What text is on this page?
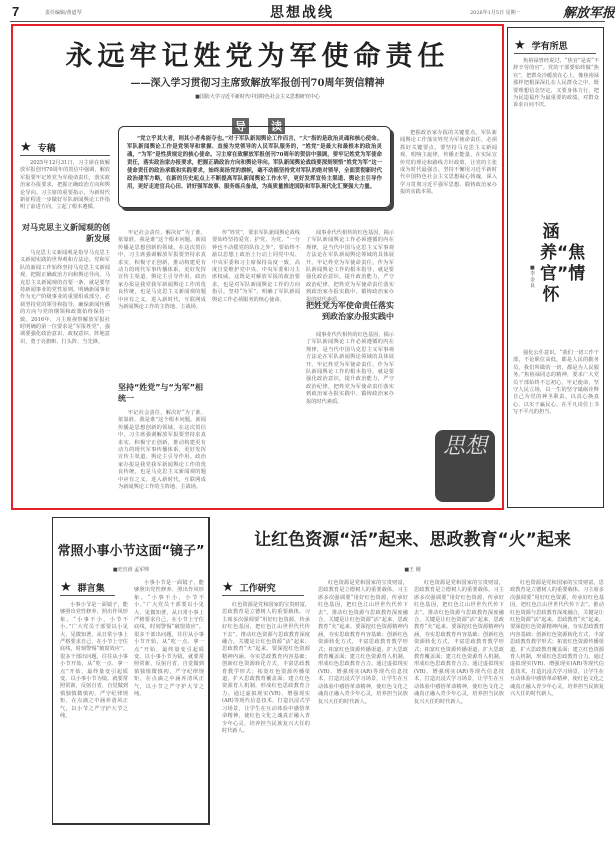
7	责任编辑/黄道琴	思想战线	2026年1月5日 星期一	解放军报
永远牢记姓党为军使命责任
——深入学习贯彻习主席致解放军报创刊70周年贺信精神
■国防大学习近平新时代中国特色社会主义思想研究中心
★ 专稿
2025年12月31日，习主席在致解放军报创刊70周年的贺信中强调，解放军报要牢记姓党为军使命责任，落实政治家办报要求，把握正确政治方向和舆论导向。习主席的重要指示，为新时代新征程进一步做好军队新闻舆论工作指明了前进方向、立起了根本遵循。
对马克思主义新闻观的创新发展
马克思主义新闻观是指导马克思主义新闻实践的世界观和方法论。党和军队的新闻工作始终坚持马克思主义新闻观，把握正确政治方向和舆论导向。马克思主义新闻观的首要一条，就是要坚持新闻事业的党性原则。明确新闻事业作为无产阶级事业的重要组成部分，必须坚持党的领导和指导，确保新闻传播的方向与党的纲领和政策始终保持一致。2016年，习主席视察解放军报社时明确的第一位要求是“军报姓党”，强调要强化政治意识、政权意识、阵地意识，勇于亮旗帜、打头阵、当先锋。
导 读
“党立乎其大者，则其小者弗能夺也。”对于军队新闻舆论工作而言，“大”指的是政治灵魂和核心使命。军队新闻舆论工作是党领导和掌握、直接为党领导的人民军队服务的，“姓党”是最大和最根本的政治灵魂，“为军”是性质规定的核心使命。习主席在致解放军报创刊70周年的贺信中强调，要牢记姓党为军使命责任，落实政治家办报要求，把握正确政治方向和舆论导向。军队新闻舆论战线要深刻领悟“姓党为军”这一使命责任的政治承载和实践要求，始终高扬党的旗帜，毫不动摇坚持党对军队的绝对领导，全面贯彻新时代政治建军方略，在新的历史起点上不断提高军队新闻舆论工作水平，更好发挥宣传主渠道、舆论主引导作用，更好走进官兵心田、讲好强军故事、服务练兵备战，为高质量推进国防和军队现代化汇聚强大力量。
牢记社会责任，解决好“为了谁、依靠谁、我是谁”这个根本问题。新闻传播是思想创新的领域。在这次贺信中，习主席强调解放军报要坚持求真求实，积极守正创新，推动构建更有动力的现代军事传播体系，更好发挥宣传主渠道、舆论主引导作用。政治家办报是我党我军新闻舆论工作的优良传统，也是马克思主义新闻观的题中应有之义。进入新时代，互联网成为新闻舆论工作的主阵地、主战场。
坚持“姓党”与“为军”相统一
牢记社会责任，解决好“为了谁、依靠谁、我是谁”这个根本问题。新闻传播是思想创新的领域。在这次贺信中，习主席强调解放军报要坚持求真求实，积极守正创新，推动构建更有动力的现代军事传播体系，更好发挥宣传主渠道、舆论主引导作用。政治家办报是我党我军新闻舆论工作的优良传统，也是马克思主义新闻观的题中应有之义。进入新时代，互联网成为新闻舆论工作的主阵地、主战场。
传“姓党”，要求军队新闻舆论战线要始终坚持爱党、护党、为党，“一分钟也不动摇党的队伍之外”，要始终不渝以思想上政治上行动上同党中央、中央军委和习主席保持高度一致，高度自觉维护党中央、中央军委和习主席权威。这既是对解放军报的政治要求，也是对军队新闻舆论工作的方向指引。坚持“为军”，明确了军队新闻舆论工作必须服务的核心使命。
闻事业代代相传的红色基因，揭示了军队新闻舆论工作必须遵循的内在规律，是当代中国马克思主义军事观方法论在军队新闻舆论领域的具体展开。牢记姓党为军使命责任，作为军队新闻舆论工作的根本指导，就是要强化政治意识，提升政治能力，严守政治纪律，把姓党为军使命责任落实到政治家办报实践中。锻铸政治家办报的时代素质。
把姓党为军使命责任落实到政治家办报实践中
闻事业代代相传的红色基因，揭示了军队新闻舆论工作必须遵循的内在规律，是当代中国马克思主义军事观方法论在军队新闻舆论领域的具体展开。牢记姓党为军使命责任，作为军队新闻舆论工作的根本指导，就是要强化政治意识，提升政治能力，严守政治纪律，把姓党为军使命责任落实到政治家办报实践中。锻铸政治家办报的时代素质。
把握政治家办报的关键要点。军队新闻舆论工作落实姓党为军使命责任，必须抓好关键要点。要坚持马克思主义新闻观，唱响主旋律，传播正能量，在实际宣传党的理论和路线方针政策，让党的主张成为时代最强音。坚持不懈用习近平新时代中国特色社会主义思想凝心铸魂，深入学习贯彻习近平强军思想。锻铸政治家办报的实践本领。
思想
★ 学有所思
焦裕禄曾经说过，“焦官”是说“不辞辛劳的官”。党的干部要始终做“焦官”，把群众冷暖放在心上，像焦裕禄那样把根深深扎在人民群众之中，既要理想信念坚定，又要身体力行，把为民造福作为最重要的政绩，对群众诉求百问不厌。
涵养“焦官”情怀
■李金良
强化公仆意识。“我们一切工作干部，不论职位高低，都是人民的勤务员，我们所做的一切，都是为人民服务。”焦裕禄同志的精神，要求广大党员干部始终不忘初心、牢记使命，坚守人民立场，以一生的坚守砥砺诠释自己为党的神圣职责，以真心换真心、以实干赢民心，在平凡岗位上书写不平凡的担当。
常照小事小节这面“镜子”
■史官涛 孟军帅
★ 群言集
小事小节是一面镜子，能够照出党性修养、照出作风形象。“小事不小，小节不小。”广大党员干部要以小见大、见微知著，从日常小事上严格要求自己，在小节上守住底线，时刻警惕“破窗效应”。很多干部出问题，往往从小事小节开始，从“吃一点、拿一点”开始，最终量变引起质变。以小事小节为镜，就要常照常新，反躬自省，自觉做到慎独慎微慎初，严守纪律规矩，在点滴之中涵养清风正气，以小节之严守护大节之纯。
小事小节是一面镜子，能够照出党性修养、照出作风形象。“小事不小，小节不小。”广大党员干部要以小见大、见微知著，从日常小事上严格要求自己，在小节上守住底线，时刻警惕“破窗效应”。很多干部出问题，往往从小事小节开始，从“吃一点、拿一点”开始，最终量变引起质变。以小事小节为镜，就要常照常新，反躬自省，自觉做到慎独慎微慎初，严守纪律规矩，在点滴之中涵养清风正气，以小节之严守护大节之纯。
让红色资源“活”起来、思政教育“火”起来
■王 刚
★ 工作研究
红色资源是党和国家的宝贵财富，思政教育是立德树人的重要载体。习主席多次强调要“用好红色资源，传承好红色基因，把红色江山世世代代传下去”。推动红色资源与思政教育深度融合，关键是让红色资源“活”起来、思政教育“火”起来。要深挖红色资源精神内涵，夯实思政教育内容基础；创新红色资源转化方式，丰富思政教育教学形式；拓宽红色资源传播渠道，扩大思政教育覆盖面；建立红色资源育人机制，形成红色思政教育合力。通过虚拟现实(VR)、增强现实(AR)等现代信息技术，打造沉浸式学习场景，让学生在互动体验中感悟革命精神，使红色文化之魂真正融入青少年心灵，培养担当民族复兴大任的时代新人。
红色资源是党和国家的宝贵财富，思政教育是立德树人的重要载体。习主席多次强调要“用好红色资源，传承好红色基因，把红色江山世世代代传下去”。推动红色资源与思政教育深度融合，关键是让红色资源“活”起来、思政教育“火”起来。要深挖红色资源精神内涵，夯实思政教育内容基础；创新红色资源转化方式，丰富思政教育教学形式；拓宽红色资源传播渠道，扩大思政教育覆盖面；建立红色资源育人机制，形成红色思政教育合力。通过虚拟现实(VR)、增强现实(AR)等现代信息技术，打造沉浸式学习场景，让学生在互动体验中感悟革命精神，使红色文化之魂真正融入青少年心灵，培养担当民族复兴大任的时代新人。
红色资源是党和国家的宝贵财富，思政教育是立德树人的重要载体。习主席多次强调要“用好红色资源，传承好红色基因，把红色江山世世代代传下去”。推动红色资源与思政教育深度融合，关键是让红色资源“活”起来、思政教育“火”起来。要深挖红色资源精神内涵，夯实思政教育内容基础；创新红色资源转化方式，丰富思政教育教学形式；拓宽红色资源传播渠道，扩大思政教育覆盖面；建立红色资源育人机制，形成红色思政教育合力。通过虚拟现实(VR)、增强现实(AR)等现代信息技术，打造沉浸式学习场景，让学生在互动体验中感悟革命精神，使红色文化之魂真正融入青少年心灵，培养担当民族复兴大任的时代新人。
红色资源是党和国家的宝贵财富，思政教育是立德树人的重要载体。习主席多次强调要“用好红色资源，传承好红色基因，把红色江山世世代代传下去”。推动红色资源与思政教育深度融合，关键是让红色资源“活”起来、思政教育“火”起来。要深挖红色资源精神内涵，夯实思政教育内容基础；创新红色资源转化方式，丰富思政教育教学形式；拓宽红色资源传播渠道，扩大思政教育覆盖面；建立红色资源育人机制，形成红色思政教育合力。通过虚拟现实(VR)、增强现实(AR)等现代信息技术，打造沉浸式学习场景，让学生在互动体验中感悟革命精神，使红色文化之魂真正融入青少年心灵，培养担当民族复兴大任的时代新人。
